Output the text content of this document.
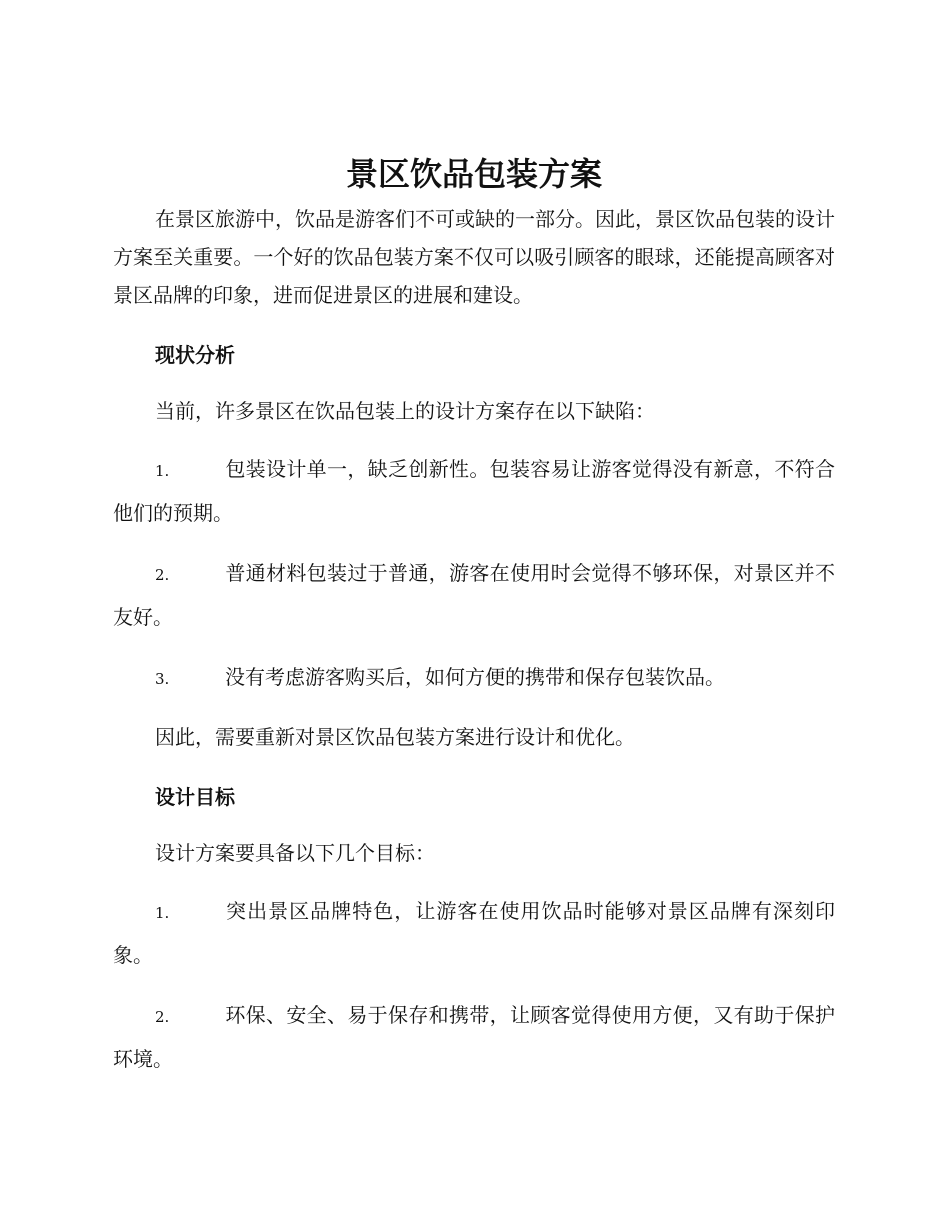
景区饮品包装方案

在景区旅游中，饮品是游客们不可或缺的一部分。因此，景区饮品包装的设计方案至关重要。一个好的饮品包装方案不仅可以吸引顾客的眼球，还能提高顾客对景区品牌的印象，进而促进景区的进展和建设。

现状分析

当前，许多景区在饮品包装上的设计方案存在以下缺陷：

1.	包装设计单一，缺乏创新性。包装容易让游客觉得没有新意，不符合他们的预期。
2.	普通材料包装过于普通，游客在使用时会觉得不够环保，对景区并不友好。
3.	没有考虑游客购买后，如何方便的携带和保存包装饮品。

因此，需要重新对景区饮品包装方案进行设计和优化。

设计目标

设计方案要具备以下几个目标：

1.	突出景区品牌特色，让游客在使用饮品时能够对景区品牌有深刻印象。
2.	环保、安全、易于保存和携带，让顾客觉得使用方便，又有助于保护环境。
